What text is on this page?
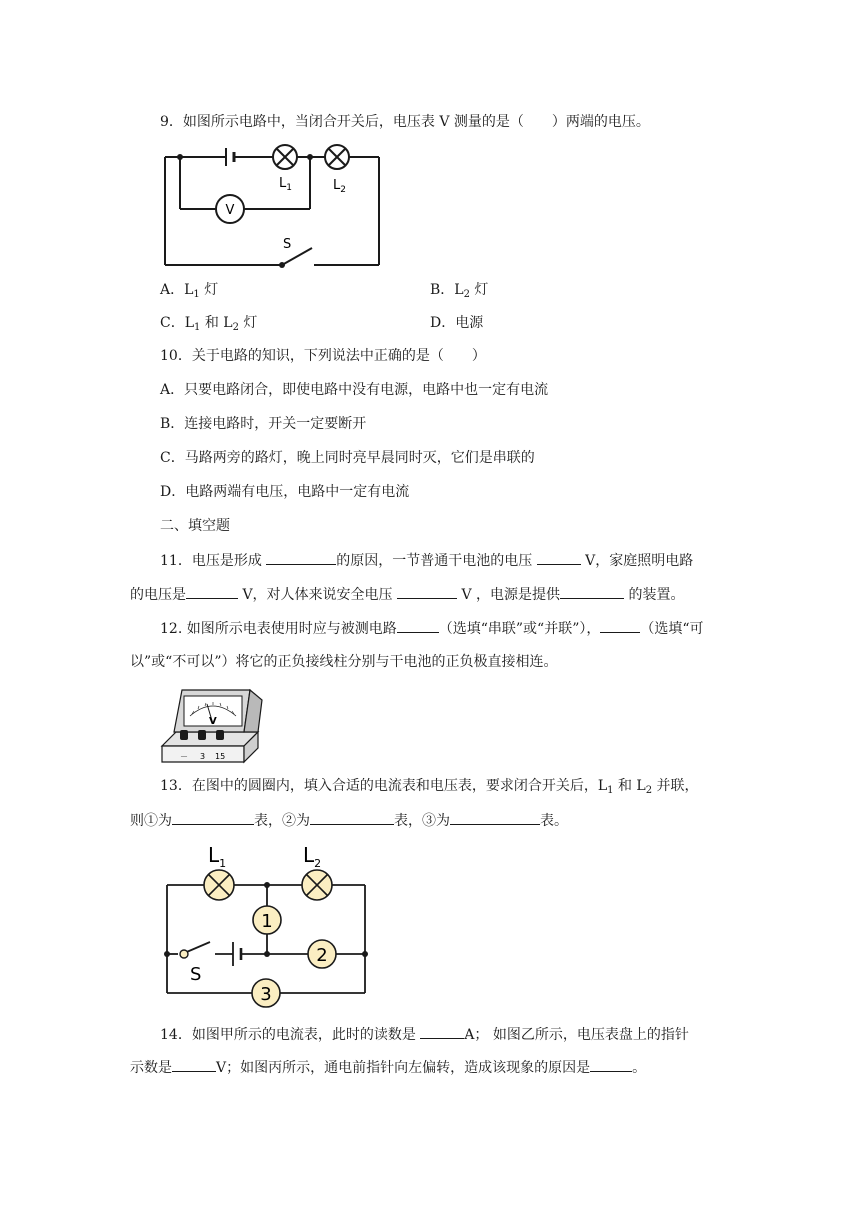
9．如图所示电路中，当闭合开关后，电压表 V 测量的是（　　）两端的电压。
V
$L_1$	$L_2$
S
A．$L_1$ 灯	B．$L_2$ 灯
C．$L_1$ 和 $L_2$ 灯	D．电源
10．关于电路的知识，下列说法中正确的是（　　）
A．只要电路闭合，即使电路中没有电源，电路中也一定有电流
B．连接电路时，开关一定要断开
C．马路两旁的路灯，晚上同时亮早晨同时灭，它们是串联的
D．电路两端有电压，电路中一定有电流
二、填空题
11．电压是形成	的原因，一节普通干电池的电压	V，家庭照明电路
的电压是	V，对人体来说安全电压	V ，电源是提供	的装置。
12. 如图所示电表使用时应与被测电路	（选填“串联”或“并联”），	（选填“可
以”或“不可以”）将它的正负接线柱分别与干电池的正负极直接相连。
V
－ 3 15
13．在图中的圆圈内，填入合适的电流表和电压表，要求闭合开关后，$L_1$ 和 $L_2$ 并联，
则①为	表，②为	表，③为	表。
1
2
3
$L_1$	$L_2$
S
14．如图甲所示的电流表，此时的读数是	A； 如图乙所示，电压表盘上的指针
示数是	V；如图丙所示，通电前指针向左偏转，造成该现象的原因是	。
